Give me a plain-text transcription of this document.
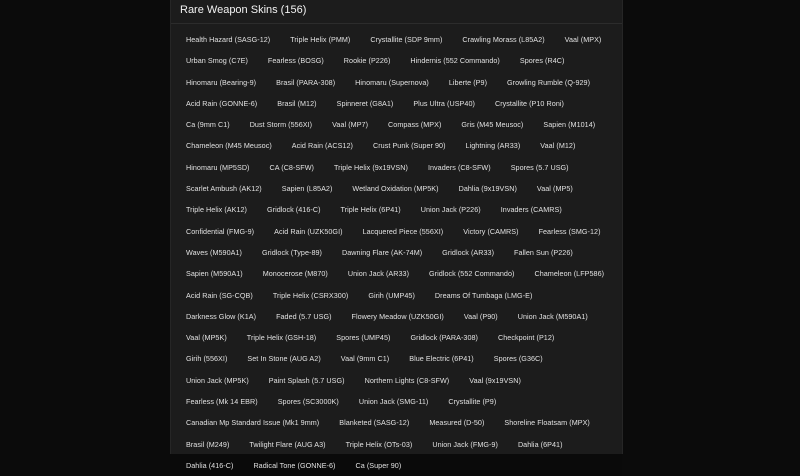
Rare Weapon Skins (156)
Health Hazard (SASG-12)	Triple Helix (PMM)	Crystallite (SDP 9mm)	Crawling Morass (L85A2)	Vaal (MPX)
Urban Smog (C7E)	Fearless (BOSG)	Rookie (P226)	Hindernis (552 Commando)	Spores (R4C)
Hinomaru (Bearing-9)	Brasil (PARA-308)	Hinomaru (Supernova)	Liberte (P9)	Growling Rumble (Q-929)
Acid Rain (GONNE-6)	Brasil (M12)	Spinneret (G8A1)	Plus Ultra (USP40)	Crystallite (P10 Roni)
Ca (9mm C1)	Dust Storm (556XI)	Vaal (MP7)	Compass (MPX)	Gris (M45 Meusoc)	Sapien (M1014)
Chameleon (M45 Meusoc)	Acid Rain (ACS12)	Crust Punk (Super 90)	Lightning (AR33)	Vaal (M12)
Hinomaru (MP5SD)	CA (C8-SFW)	Triple Helix (9x19VSN)	Invaders (C8-SFW)	Spores (5.7 USG)
Scarlet Ambush (AK12)	Sapien (L85A2)	Wetland Oxidation (MP5K)	Dahlia (9x19VSN)	Vaal (MP5)
Triple Helix (AK12)	Gridlock (416-C)	Triple Helix (6P41)	Union Jack (P226)	Invaders (CAMRS)
Confidential (FMG-9)	Acid Rain (UZK50GI)	Lacquered Piece (556XI)	Victory (CAMRS)	Fearless (SMG-12)
Waves (M590A1)	Gridlock (Type-89)	Dawning Flare (AK-74M)	Gridlock (AR33)	Fallen Sun (P226)
Sapien (M590A1)	Monocerose (M870)	Union Jack (AR33)	Gridlock (552 Commando)	Chameleon (LFP586)
Acid Rain (SG-CQB)	Triple Helix (CSRX300)	Girih (UMP45)	Dreams Of Tumbaga (LMG-E)
Darkness Glow (K1A)	Faded (5.7 USG)	Flowery Meadow (UZK50GI)	Vaal (P90)	Union Jack (M590A1)
Vaal (MP5K)	Triple Helix (GSH-18)	Spores (UMP45)	Gridlock (PARA-308)	Checkpoint (P12)
Girih (556XI)	Set In Stone (AUG A2)	Vaal (9mm C1)	Blue Electric (6P41)	Spores (G36C)
Union Jack (MP5K)	Paint Splash (5.7 USG)	Northern Lights (C8-SFW)	Vaal (9x19VSN)
Fearless (Mk 14 EBR)	Spores (SC3000K)	Union Jack (SMG-11)	Crystallite (P9)
Canadian Mp Standard Issue (Mk1 9mm)	Blanketed (SASG-12)	Measured (D-50)	Shoreline Floatsam (MPX)
Brasil (M249)	Twilight Flare (AUG A3)	Triple Helix (OTs-03)	Union Jack (FMG-9)	Dahlia (6P41)
Dahlia (416-C)	Radical Tone (GONNE-6)	Ca (Super 90)
